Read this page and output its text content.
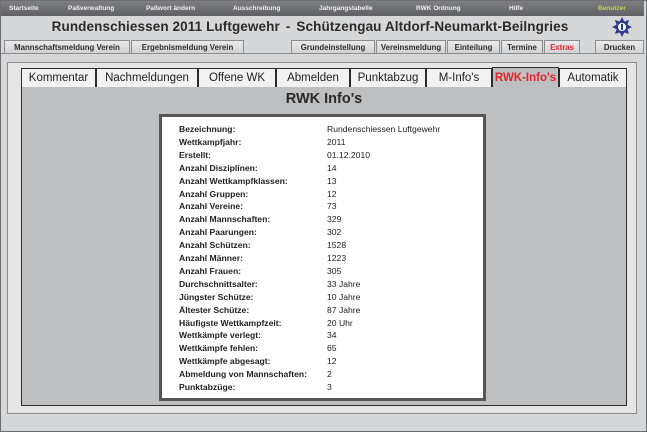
Startseite	Paßverwaltung	Paßwort ändern	Ausschreibung	Jahrgangstabelle	RWK Ordnung	Hilfe	Benutzer
Rundenschiessen 2011 Luftgewehr - Schützengau Altdorf-Neumarkt-Beilngries
Mannschaftsmeldung Verein	Ergebnismeldung Verein	Grundeinstellung	Vereinsmeldung	Einteilung	Termine	Extras	Drucken
Kommentar	Nachmeldungen	Offene WK	Abmelden	Punktabzug	M-Info's	RWK-Info's Automatik
RWK Info's
Bezeichnung:	Rundenschiessen Luftgewehr
Wettkampfjahr:	2011
Erstellt:	01.12.2010
Anzahl Disziplinen:	14
Anzahl Wettkampfklassen:	13
Anzahl Gruppen:	12
Anzahl Vereine:	73
Anzahl Mannschaften:	329
Anzahl Paarungen:	302
Anzahl Schützen:	1528
Anzahl Männer:	1223
Anzahl Frauen:	305
Durchschnittsalter:	33 Jahre
Jüngster Schütze:	10 Jahre
Ältester Schütze:	87 Jahre
Häufigste Wettkampfzeit:	20 Uhr
Wettkämpfe verlegt:	34
Wettkämpfe fehlen:	65
Wettkämpfe abgesagt:	12
Abmeldung von Mannschaften: 2
Punktabzüge:	3
